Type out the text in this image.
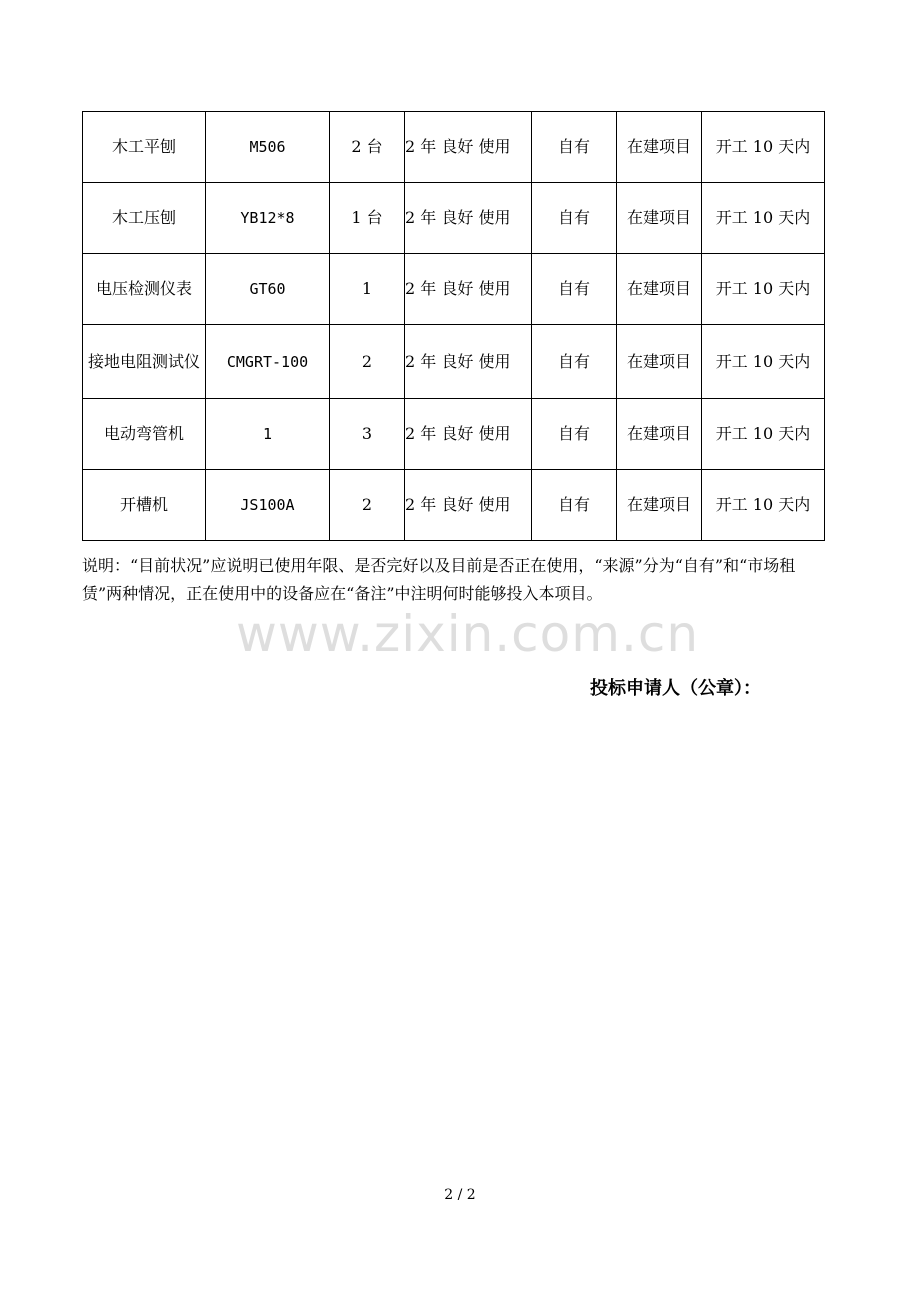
木工平刨	M506	2 台	2 年 良好 使用	自有	在建项目	开工 10 天内
木工压刨	YB12*8	1 台	2 年 良好 使用	自有	在建项目	开工 10 天内
电压检测仪表	GT60	1	2 年 良好 使用	自有	在建项目	开工 10 天内
接地电阻测试仪	CMGRT-100	2	2 年 良好 使用	自有	在建项目	开工 10 天内
电动弯管机	1	3	2 年 良好 使用	自有	在建项目	开工 10 天内
开槽机	JS100A	2	2 年 良好 使用	自有	在建项目	开工 10 天内

说明：“目前状况”应说明已使用年限、是否完好以及目前是否正在使用，“来源”分为“自有”和“市场租赁”两种情况，正在使用中的设备应在“备注”中注明何时能够投入本项目。

www.zixin.com.cn
投标申请人（公章）：
2 / 2
